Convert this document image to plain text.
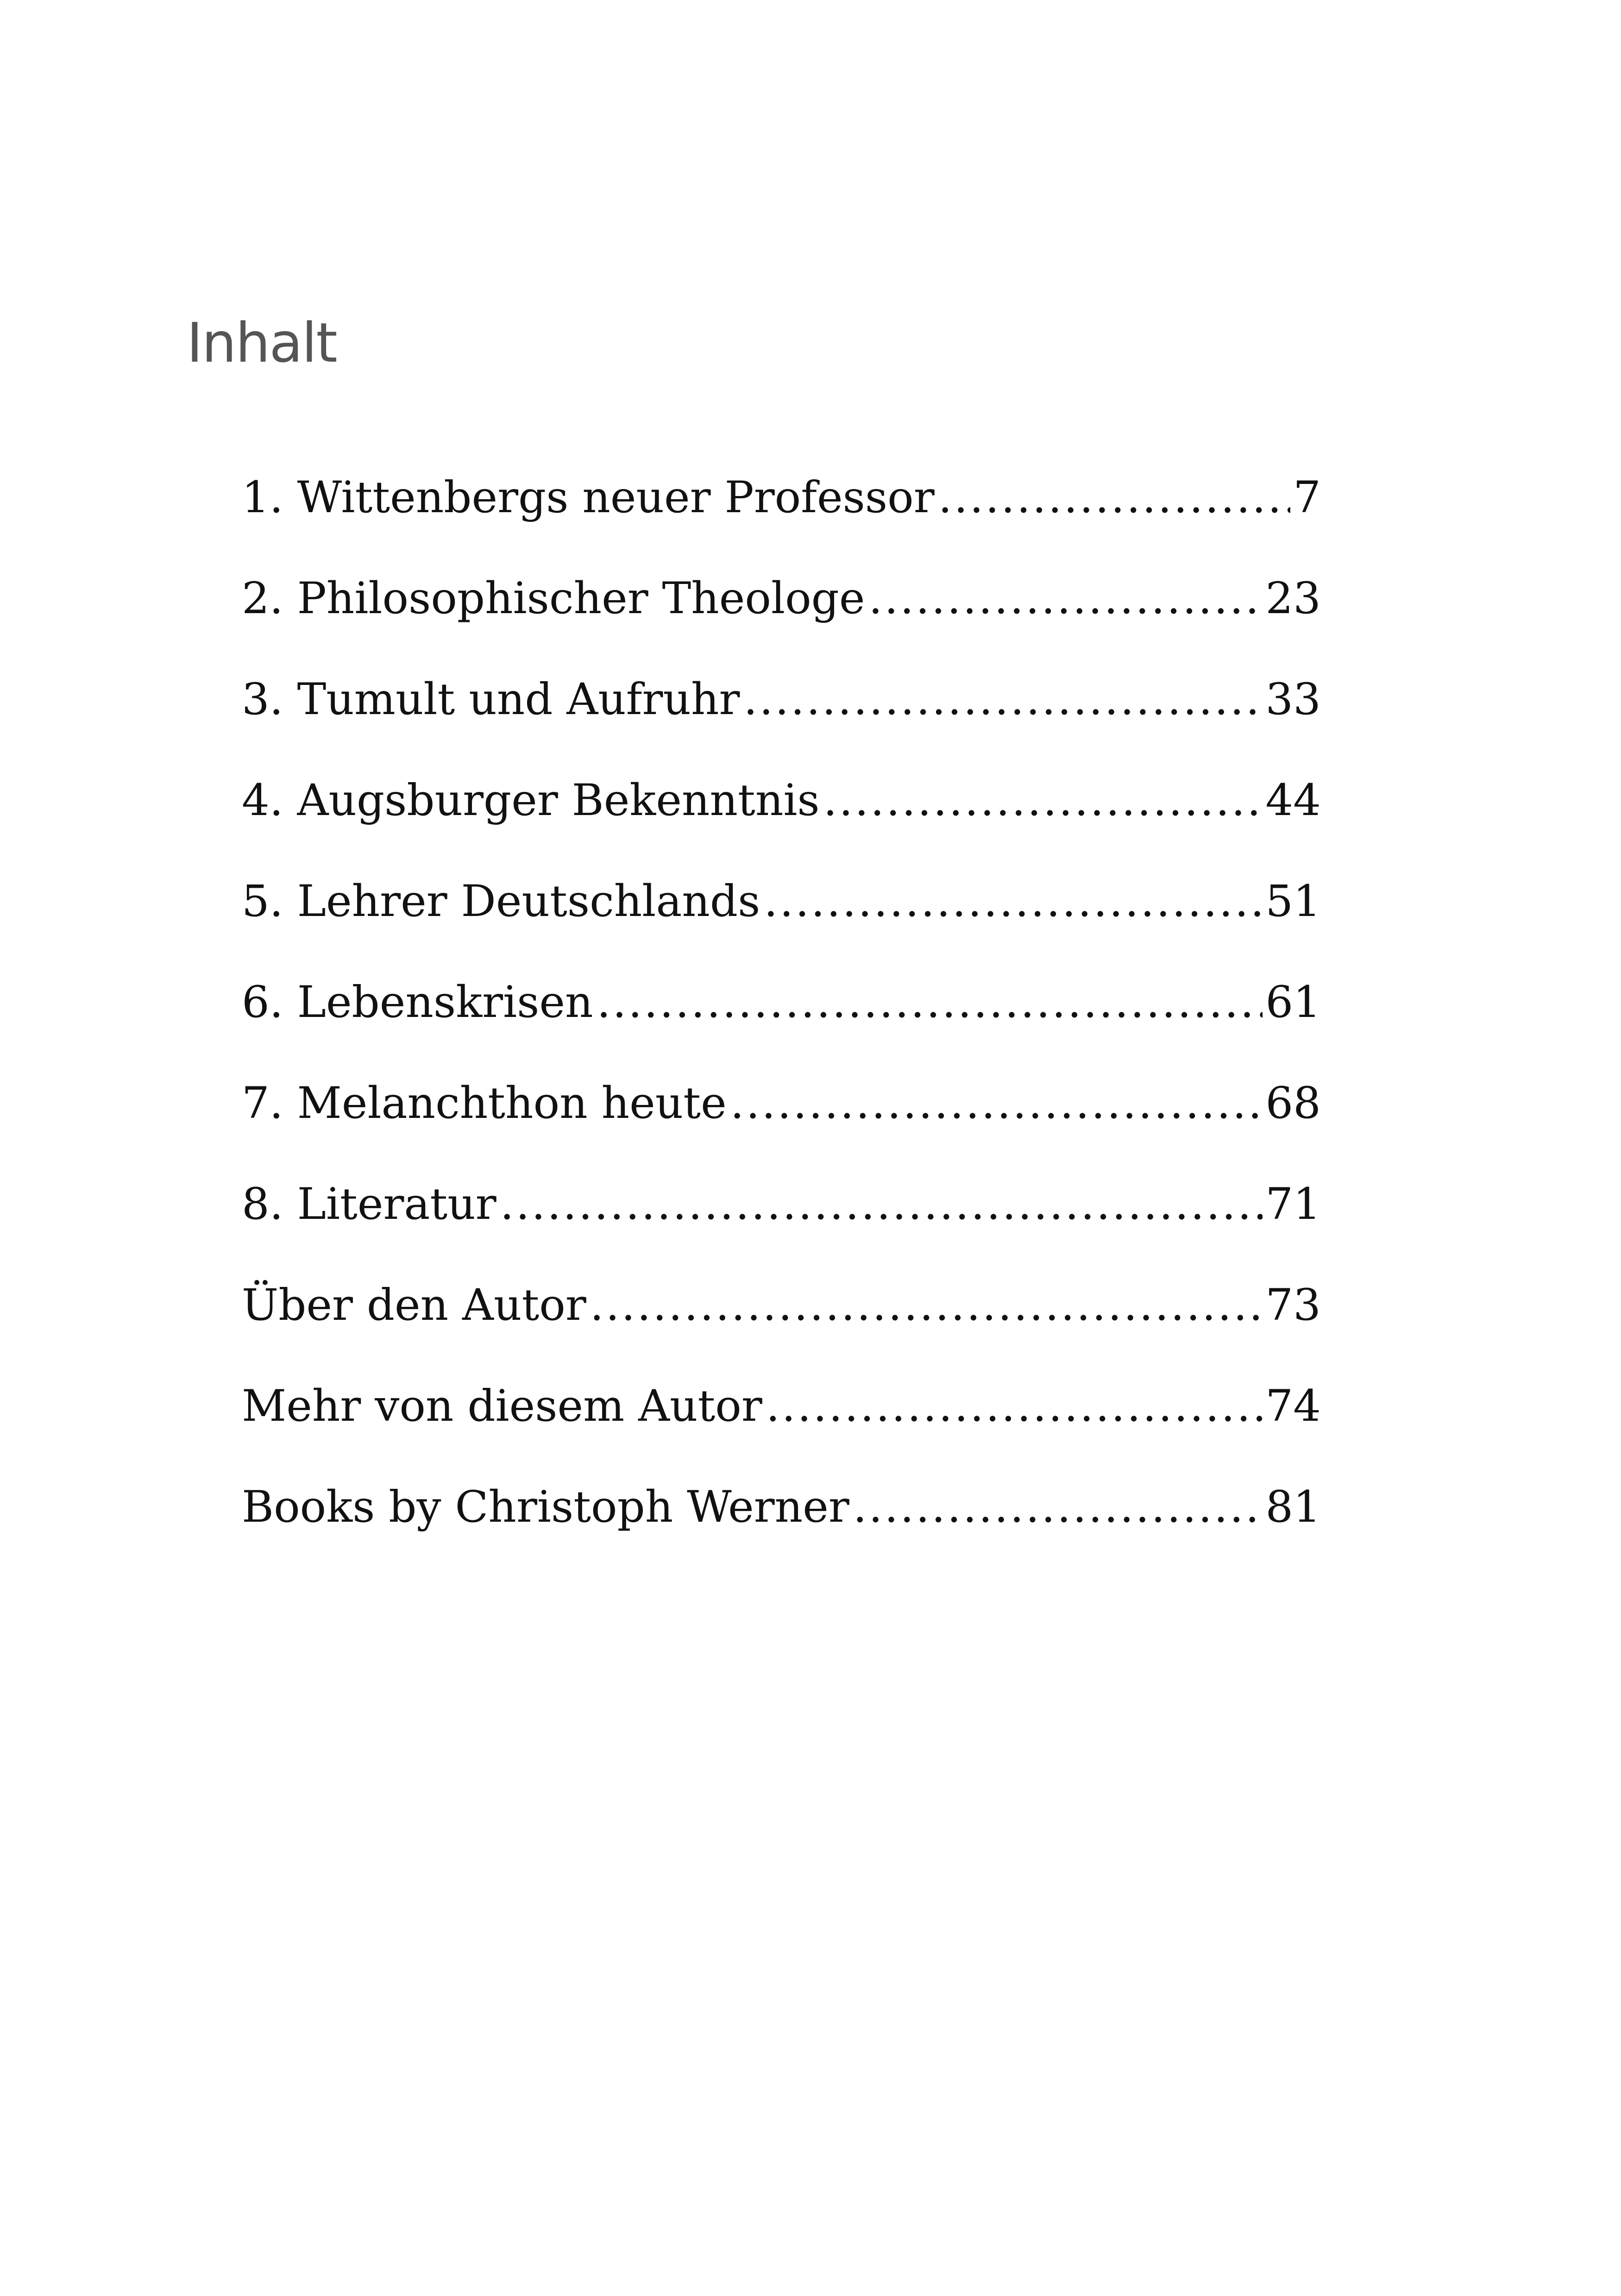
Inhalt
1. Wittenbergs neuer Professor .....	7
2. Philosophischer Theologe .....	23
3. Tumult und Aufruhr .....	33
4. Augsburger Bekenntnis .....	44
5. Lehrer Deutschlands .....	51
6. Lebenskrisen .....	61
7. Melanchthon heute .....	68
8. Literatur .....	71
Über den Autor .....	73
Mehr von diesem Autor .....	74
Books by Christoph Werner .....	81
